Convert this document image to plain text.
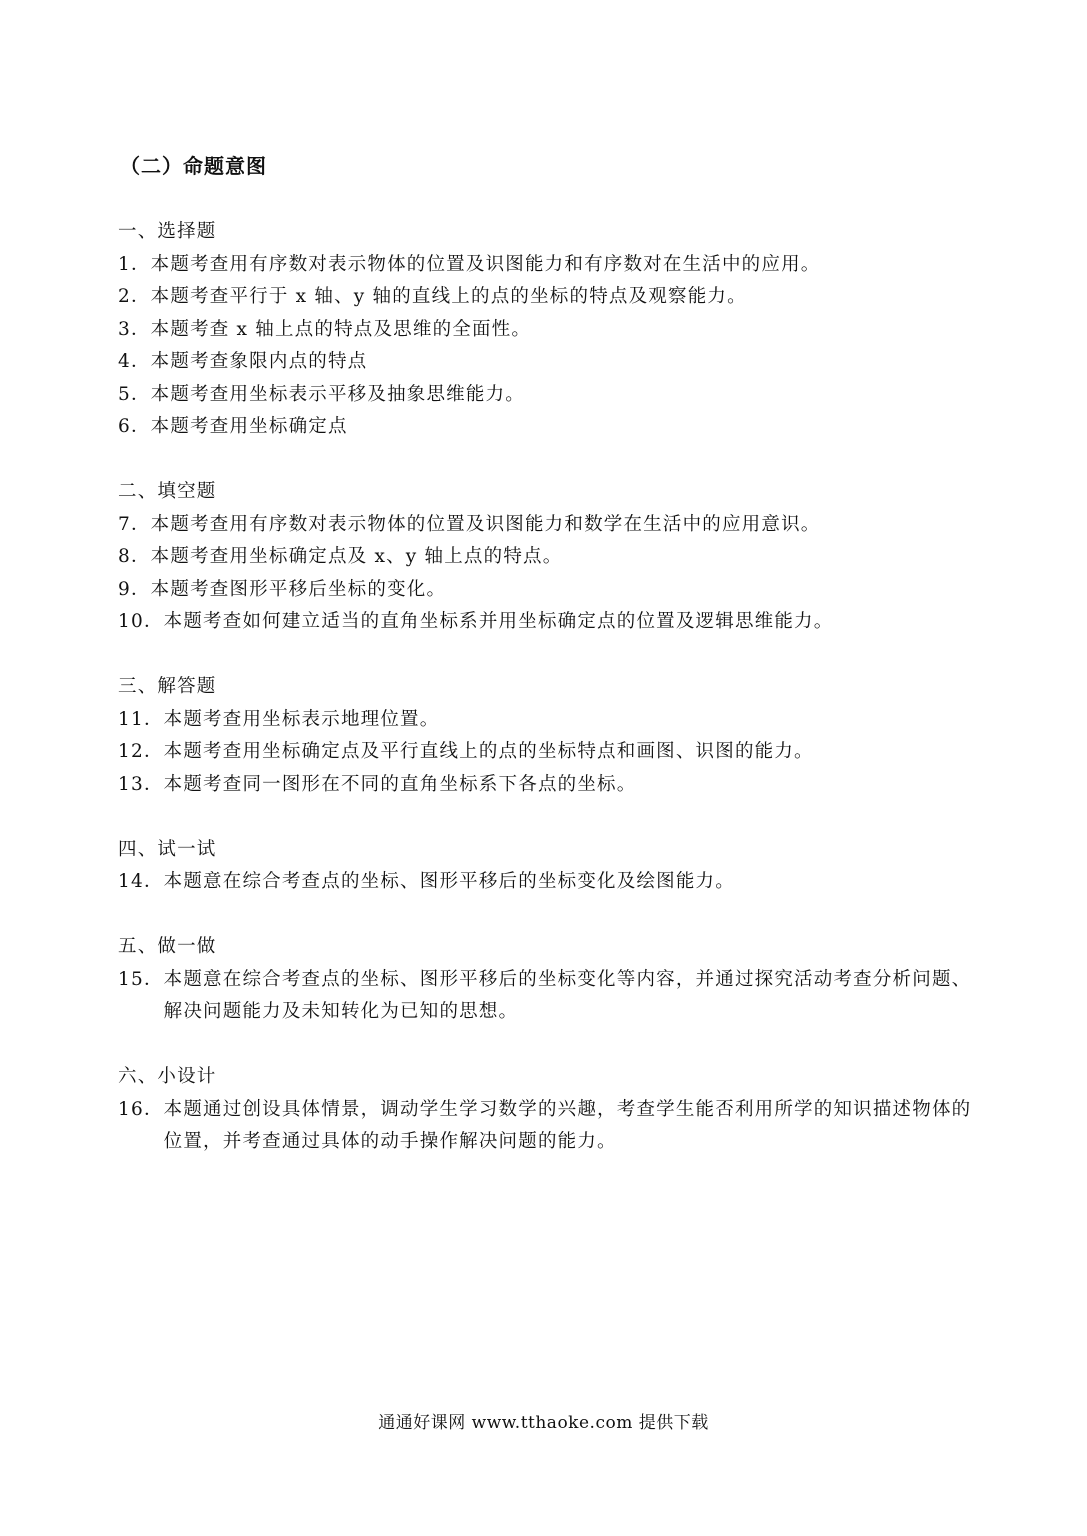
（二）命题意图
一、选择题
1． 本题考查用有序数对表示物体的位置及识图能力和有序数对在生活中的应用。
2． 本题考查平行于 x 轴、y 轴的直线上的点的坐标的特点及观察能力。
3． 本题考查 x 轴上点的特点及思维的全面性。
4． 本题考查象限内点的特点
5． 本题考查用坐标表示平移及抽象思维能力。
6． 本题考查用坐标确定点
二、填空题
7． 本题考查用有序数对表示物体的位置及识图能力和数学在生活中的应用意识。
8． 本题考查用坐标确定点及 x、y 轴上点的特点。
9． 本题考查图形平移后坐标的变化。
10． 本题考查如何建立适当的直角坐标系并用坐标确定点的位置及逻辑思维能力。
三、解答题
11． 本题考查用坐标表示地理位置。
12． 本题考查用坐标确定点及平行直线上的点的坐标特点和画图、识图的能力。
13． 本题考查同一图形在不同的直角坐标系下各点的坐标。
四、试一试
14． 本题意在综合考查点的坐标、图形平移后的坐标变化及绘图能力。
五、做一做
15． 本题意在综合考查点的坐标、图形平移后的坐标变化等内容，并通过探究活动考查分析问题、解决问题能力及未知转化为已知的思想。
六、小设计
16． 本题通过创设具体情景，调动学生学习数学的兴趣，考查学生能否利用所学的知识描述物体的位置，并考查通过具体的动手操作解决问题的能力。
通通好课网 www.tthaoke.com 提供下载
